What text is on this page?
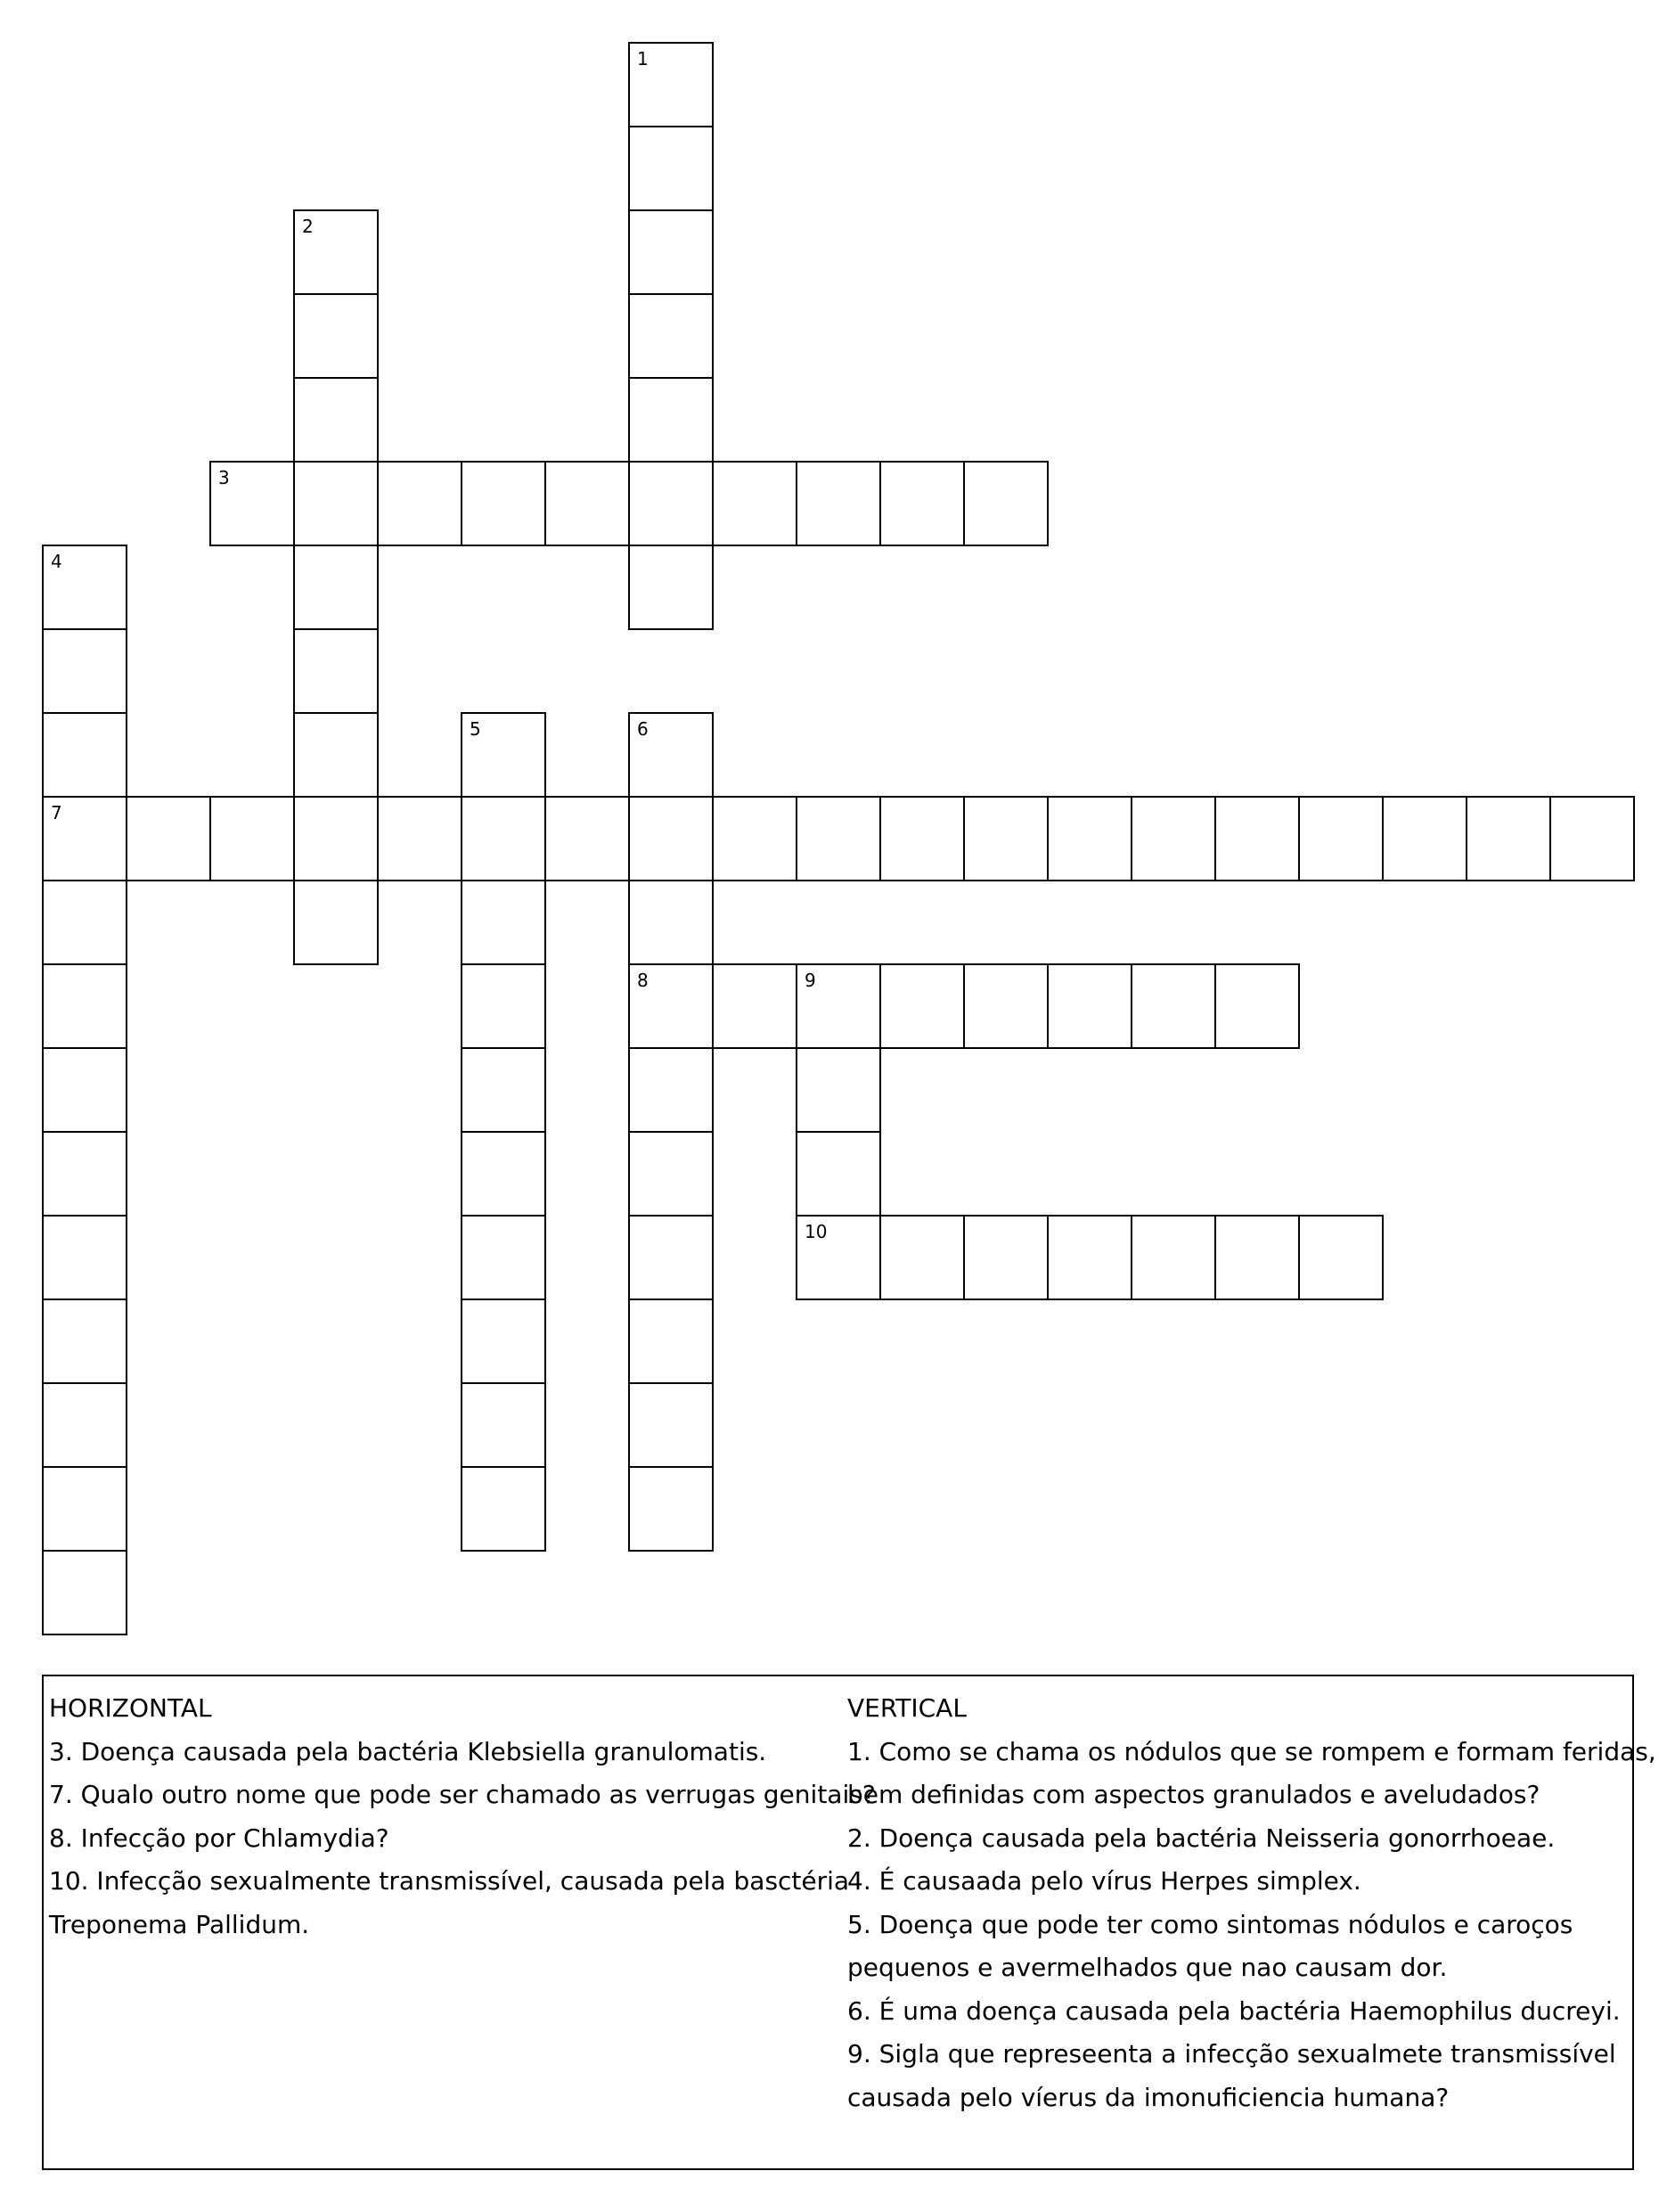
1
2
3
4
7
5	6
8	9
10
HORIZONTAL
3. Doença causada pela bactéria Klebsiella granulomatis.
7. Qualo outro nome que pode ser chamado as verrugas genitais?
8. Infecção por Chlamydia?
10. Infecção sexualmente transmissível, causada pela basctéria
Treponema Pallidum.
VERTICAL
1. Como se chama os nódulos que se rompem e formam feridas,
bem definidas com aspectos granulados e aveludados?
2. Doença causada pela bactéria Neisseria gonorrhoeae.
4. É causaada pelo vírus Herpes simplex.
5. Doença que pode ter como sintomas nódulos e caroços
pequenos e avermelhados que nao causam dor.
6. É uma doença causada pela bactéria Haemophilus ducreyi.
9. Sigla que represeenta a infecção sexualmete transmissível
causada pelo víerus da imonuficiencia humana?
